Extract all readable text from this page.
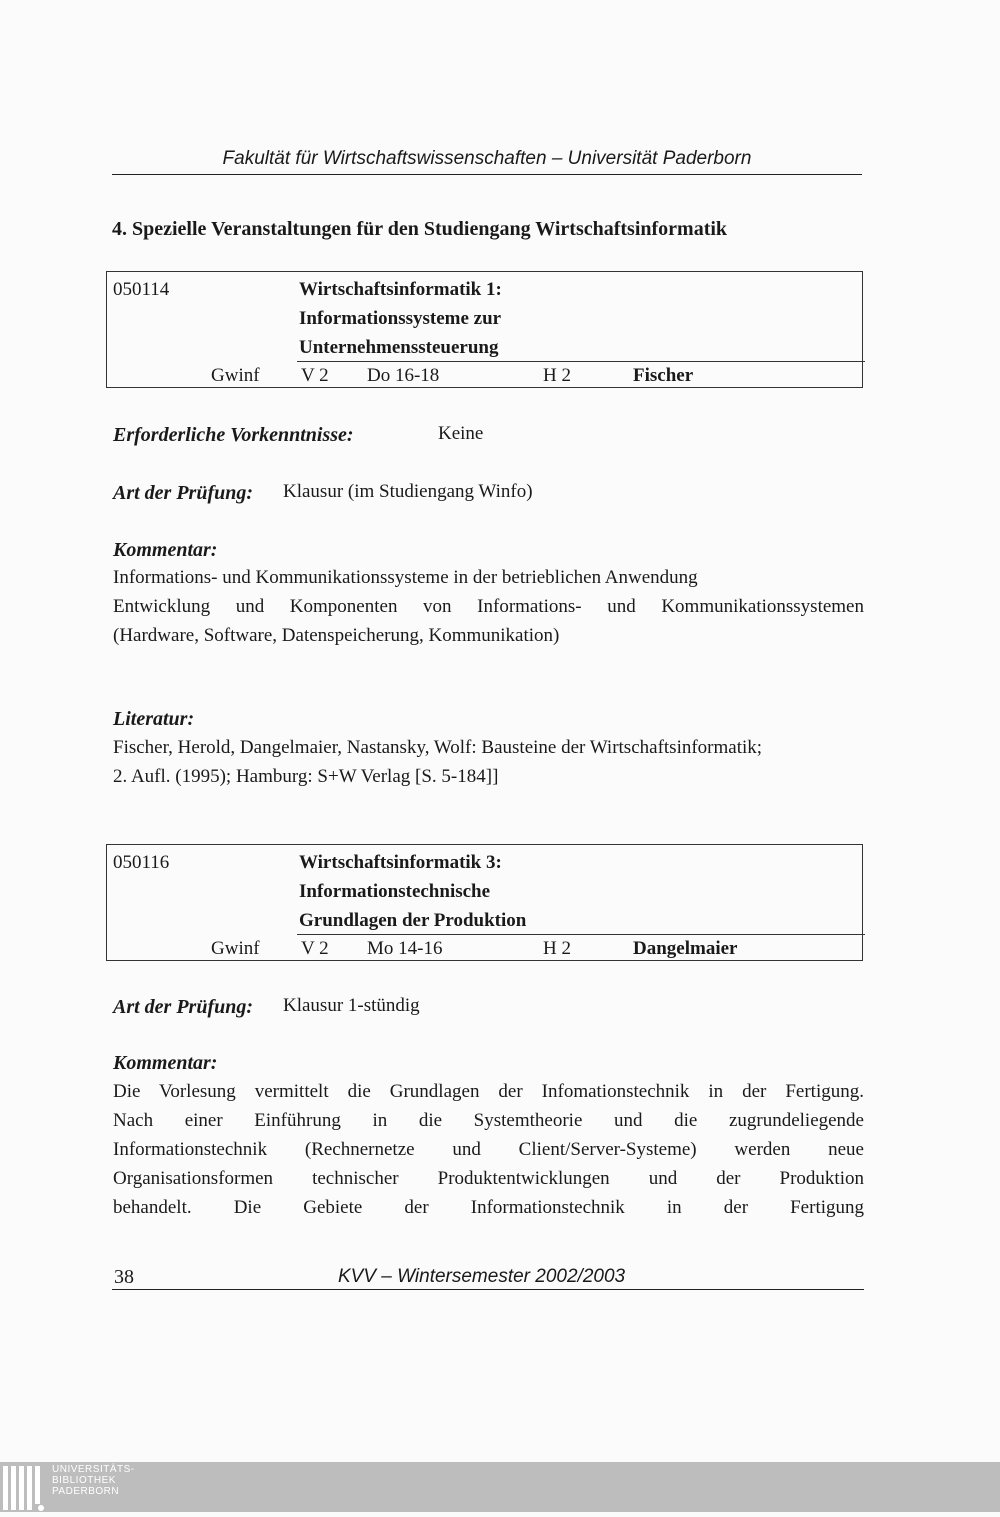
Fakultät für Wirtschaftswissenschaften – Universität Paderborn
4. Spezielle Veranstaltungen für den Studiengang Wirtschaftsinformatik
050114	Wirtschaftsinformatik 1:
Informationssysteme zur
Unternehmenssteuerung
Gwinf V 2 Do 16-18	H 2	Fischer
Erforderliche Vorkenntnisse:	Keine
Art der Prüfung: Klausur (im Studiengang Winfo)
Kommentar:
Informations- und Kommunikationssysteme in der betrieblichen Anwendung
Entwicklung und Komponenten von Informations- und Kommunikationssystemen
(Hardware, Software, Datenspeicherung, Kommunikation)
Literatur:
Fischer, Herold, Dangelmaier, Nastansky, Wolf: Bausteine der Wirtschaftsinformatik;
2. Aufl. (1995); Hamburg: S+W Verlag [S. 5-184]]
050116	Wirtschaftsinformatik 3:
Informationstechnische
Grundlagen der Produktion
Gwinf V 2 Mo 14-16	H 2	Dangelmaier
Art der Prüfung: Klausur 1-stündig
Kommentar:
Die Vorlesung vermittelt die Grundlagen der Infomationstechnik in der Fertigung.
Nach einer Einführung in die Systemtheorie und die zugrundeliegende
Informationstechnik (Rechnernetze und Client/Server-Systeme) werden neue
Organisationsformen technischer Produktentwicklungen und der Produktion
behandelt. Die Gebiete der Informationstechnik in der Fertigung
38	KVV – Wintersemester 2002/2003
UNIVERSITÄTS-
BIBLIOTHEK
PADERBORN
